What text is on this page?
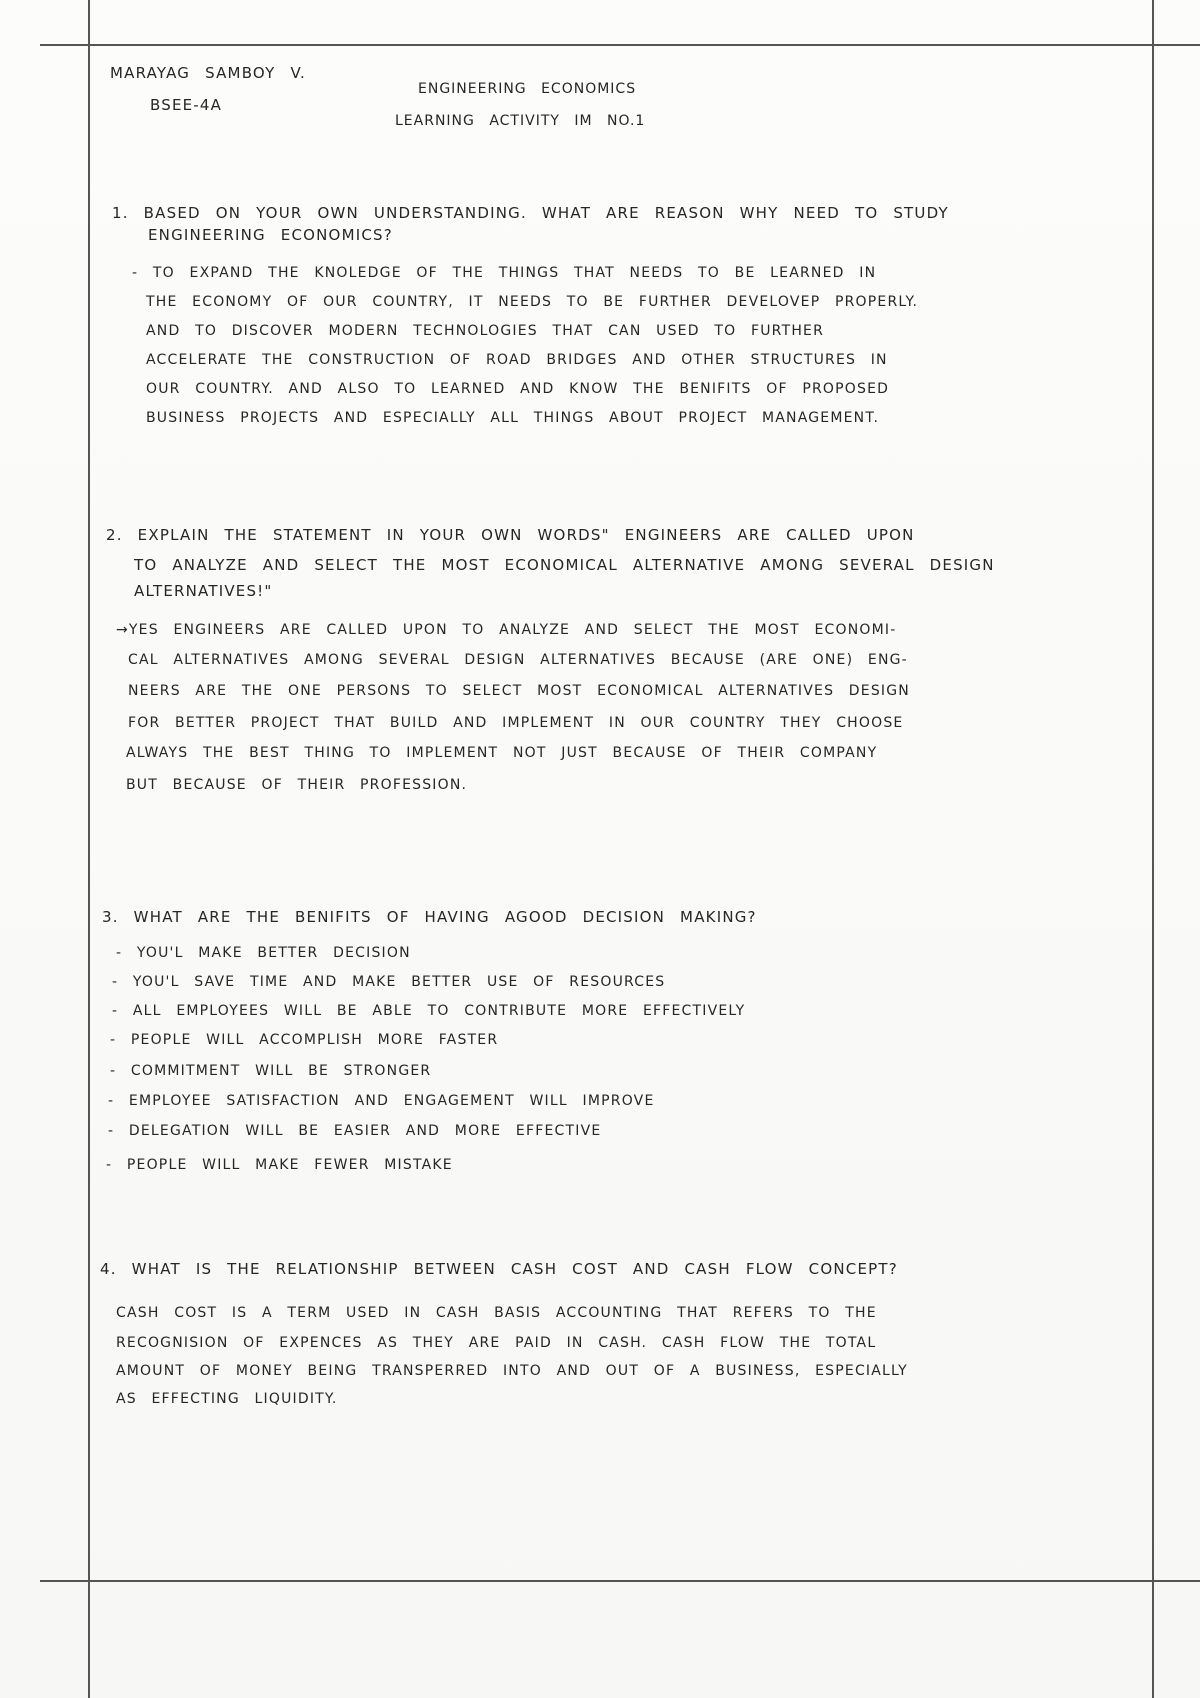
MARAYAG SAMBOY V.
BSEE-4A
ENGINEERING ECONOMICS
LEARNING ACTIVITY IM NO.1
1. BASED ON YOUR OWN UNDERSTANDING. WHAT ARE REASON WHY NEED TO STUDY
ENGINEERING ECONOMICS?
- TO EXPAND THE KNOLEDGE OF THE THINGS THAT NEEDS TO BE LEARNED IN
THE ECONOMY OF OUR COUNTRY, IT NEEDS TO BE FURTHER DEVELOVEP PROPERLY.
AND TO DISCOVER MODERN TECHNOLOGIES THAT CAN USED TO FURTHER
ACCELERATE THE CONSTRUCTION OF ROAD BRIDGES AND OTHER STRUCTURES IN
OUR COUNTRY. AND ALSO TO LEARNED AND KNOW THE BENIFITS OF PROPOSED
BUSINESS PROJECTS AND ESPECIALLY ALL THINGS ABOUT PROJECT MANAGEMENT.
2. EXPLAIN THE STATEMENT IN YOUR OWN WORDS" ENGINEERS ARE CALLED UPON
TO ANALYZE AND SELECT THE MOST ECONOMICAL ALTERNATIVE AMONG SEVERAL DESIGN
ALTERNATIVES!"
→YES ENGINEERS ARE CALLED UPON TO ANALYZE AND SELECT THE MOST ECONOMI-
CAL ALTERNATIVES AMONG SEVERAL DESIGN ALTERNATIVES BECAUSE (ARE ONE) ENG-
NEERS ARE THE ONE PERSONS TO SELECT MOST ECONOMICAL ALTERNATIVES DESIGN
FOR BETTER PROJECT THAT BUILD AND IMPLEMENT IN OUR COUNTRY THEY CHOOSE
ALWAYS THE BEST THING TO IMPLEMENT NOT JUST BECAUSE OF THEIR COMPANY
BUT BECAUSE OF THEIR PROFESSION.
3. WHAT ARE THE BENIFITS OF HAVING AGOOD DECISION MAKING?
- YOU'L MAKE BETTER DECISION
- YOU'L SAVE TIME AND MAKE BETTER USE OF RESOURCES
- ALL EMPLOYEES WILL BE ABLE TO CONTRIBUTE MORE EFFECTIVELY
- PEOPLE WILL ACCOMPLISH MORE FASTER
- COMMITMENT WILL BE STRONGER
- EMPLOYEE SATISFACTION AND ENGAGEMENT WILL IMPROVE
- DELEGATION WILL BE EASIER AND MORE EFFECTIVE
- PEOPLE WILL MAKE FEWER MISTAKE
4. WHAT IS THE RELATIONSHIP BETWEEN CASH COST AND CASH FLOW CONCEPT?
CASH COST IS A TERM USED IN CASH BASIS ACCOUNTING THAT REFERS TO THE
RECOGNISION OF EXPENCES AS THEY ARE PAID IN CASH. CASH FLOW THE TOTAL
AMOUNT OF MONEY BEING TRANSPERRED INTO AND OUT OF A BUSINESS, ESPECIALLY
AS EFFECTING LIQUIDITY.
